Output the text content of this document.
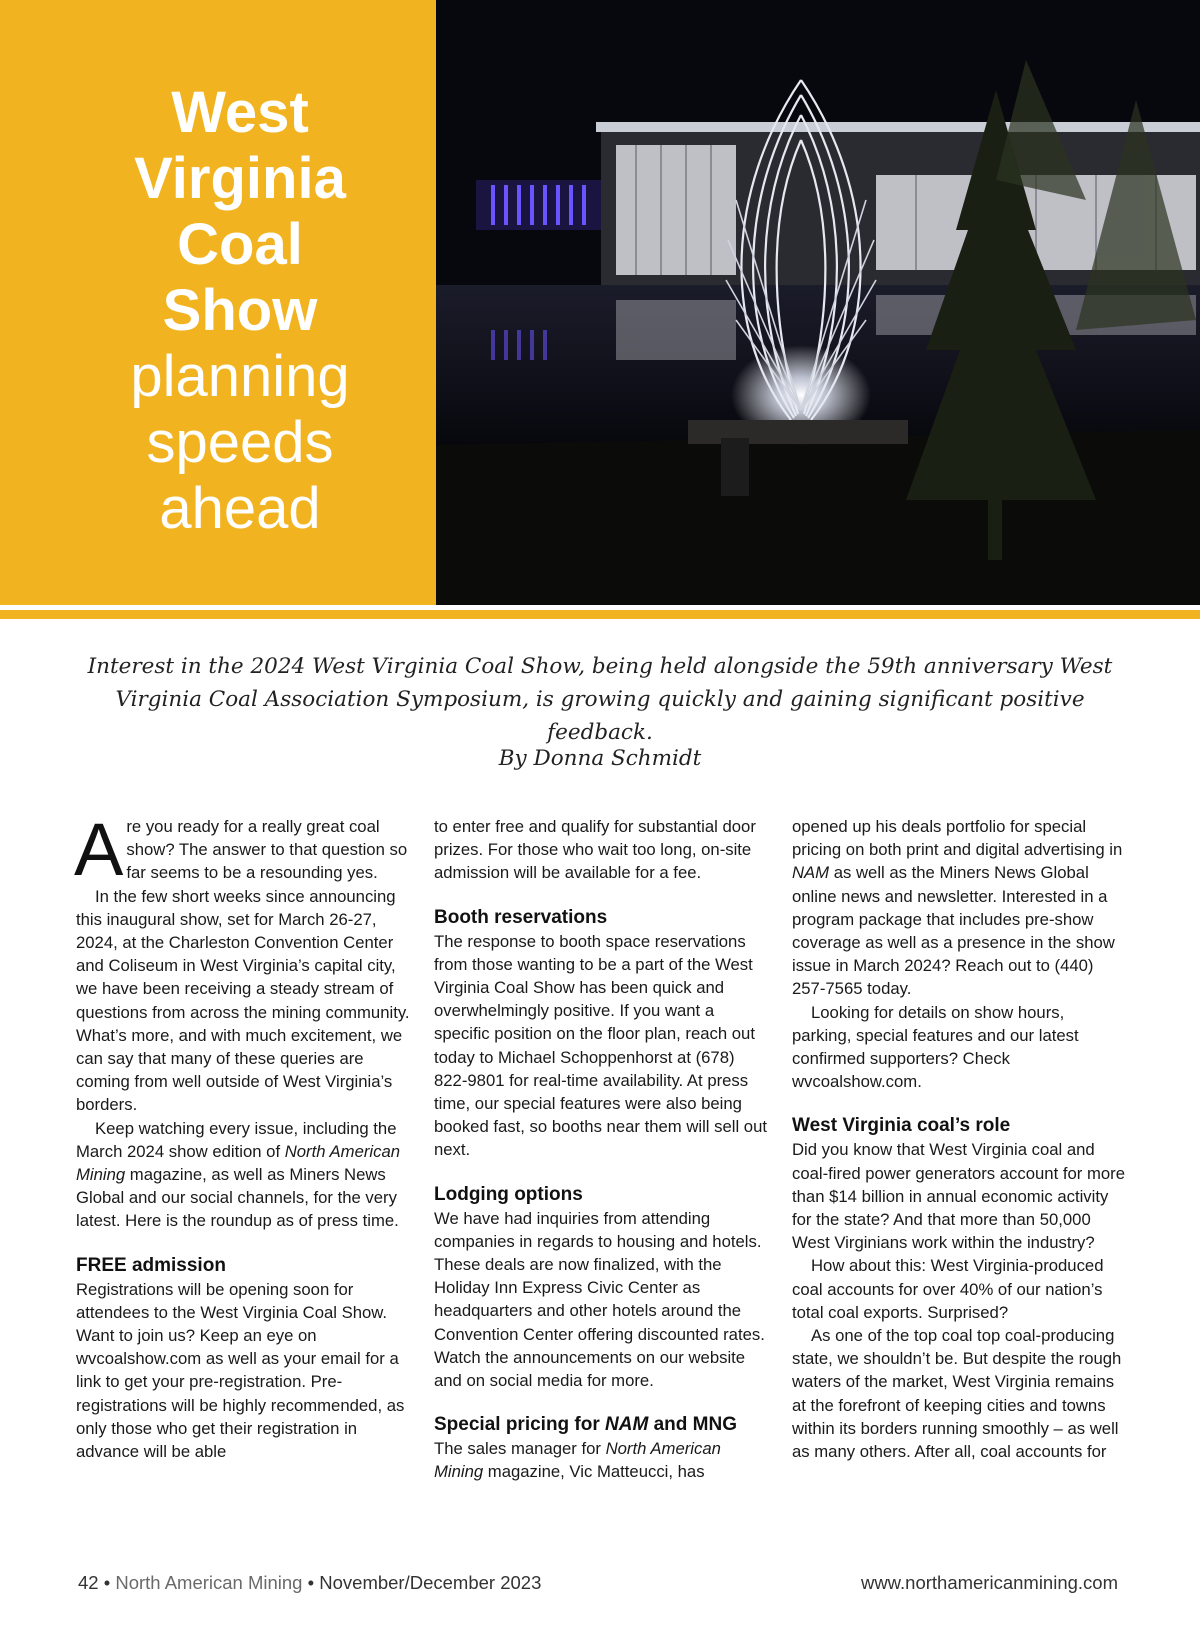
West
Virginia
Coal
Show
planning
speeds
ahead

Interest in the 2024 West Virginia Coal Show, being held alongside the 59th anniversary West Virginia Coal Association Symposium, is growing quickly and gaining significant positive feedback.

By Donna Schmidt

Are you ready for a really great coal show? The answer to that question so far seems to be a resounding yes.

In the few short weeks since announcing this inaugural show, set for March 26-27, 2024, at the Charleston Convention Center and Coliseum in West Virginia’s capital city, we have been receiving a steady stream of questions from across the mining community. What’s more, and with much excitement, we can say that many of these queries are coming from well outside of West Virginia’s borders.

Keep watching every issue, including the March 2024 show edition of North American Mining magazine, as well as Miners News Global and our social channels, for the very latest. Here is the roundup as of press time.

FREE admission

Registrations will be opening soon for attendees to the West Virginia Coal Show. Want to join us? Keep an eye on wvcoalshow.com as well as your email for a link to get your pre-registration. Pre-registrations will be highly recommended, as only those who get their registration in advance will be able

to enter free and qualify for substantial door prizes. For those who wait too long, on-site admission will be available for a fee.

Booth reservations

The response to booth space reservations from those wanting to be a part of the West Virginia Coal Show has been quick and overwhelmingly positive. If you want a specific position on the floor plan, reach out today to Michael Schoppenhorst at (678) 822-9801 for real-time availability. At press time, our special features were also being booked fast, so booths near them will sell out next.

Lodging options

We have had inquiries from attending companies in regards to housing and hotels. These deals are now finalized, with the Holiday Inn Express Civic Center as headquarters and other hotels around the Convention Center offering discounted rates. Watch the announcements on our website and on social media for more.

Special pricing for NAM and MNG

The sales manager for North American Mining magazine, Vic Matteucci, has

opened up his deals portfolio for special pricing on both print and digital advertising in NAM as well as the Miners News Global online news and newsletter. Interested in a program package that includes pre-show coverage as well as a presence in the show issue in March 2024? Reach out to (440) 257-7565 today.

Looking for details on show hours, parking, special features and our latest confirmed supporters? Check wvcoalshow.com.

West Virginia coal’s role

Did you know that West Virginia coal and coal-fired power generators account for more than $14 billion in annual economic activity for the state? And that more than 50,000 West Virginians work within the industry?

How about this: West Virginia-produced coal accounts for over 40% of our nation’s total coal exports. Surprised?

As one of the top coal top coal-producing state, we shouldn’t be. But despite the rough waters of the market, West Virginia remains at the forefront of keeping cities and towns within its borders running smoothly – as well as many others. After all, coal accounts for

42 • North American Mining • November/December 2023	www.northamericanmining.com
